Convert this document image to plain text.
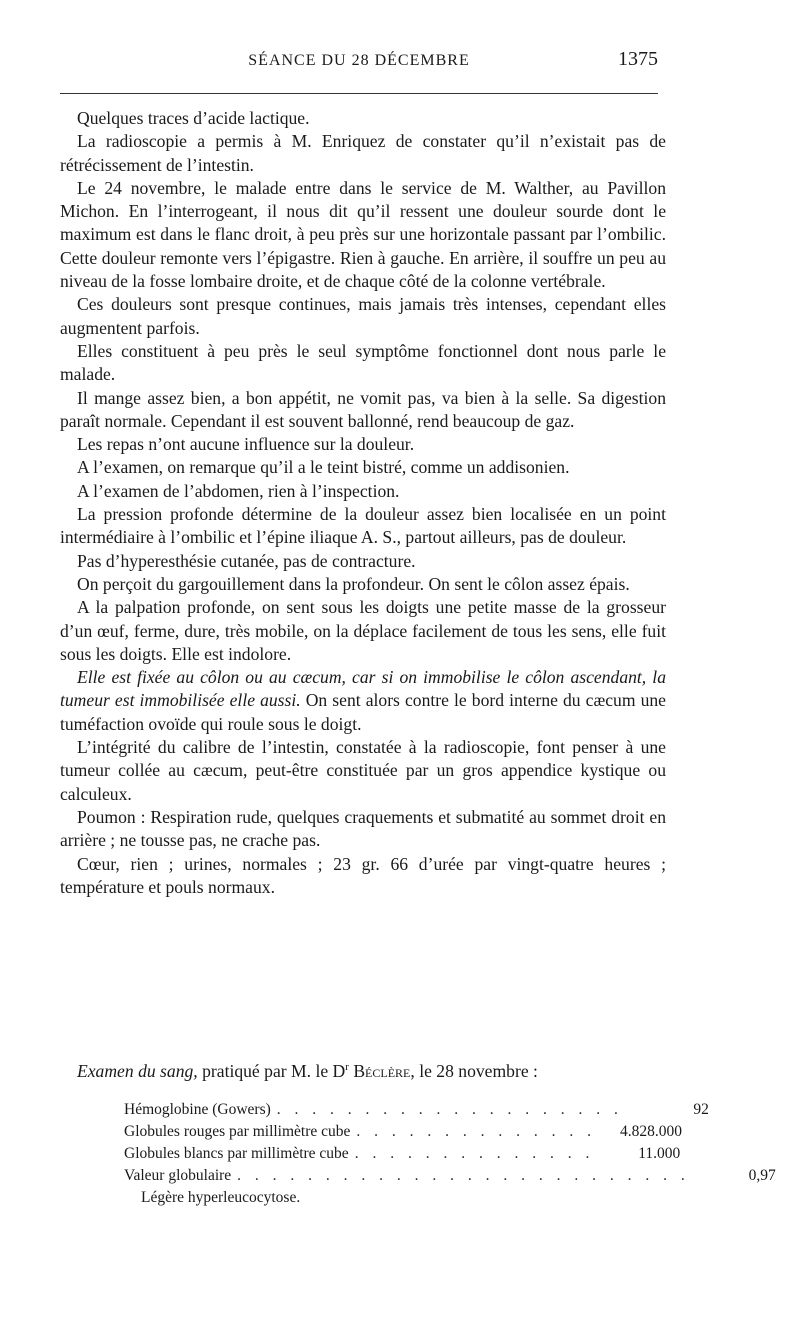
SÉANCE DU 28 DÉCEMBRE	1375

Quelques traces d’acide lactique.

La radioscopie a permis à M. Enriquez de constater qu’il n’existait pas de rétrécissement de l’intestin.

Le 24 novembre, le malade entre dans le service de M. Walther, au Pavillon Michon. En l’interrogeant, il nous dit qu’il ressent une douleur sourde dont le maximum est dans le flanc droit, à peu près sur une horizontale passant par l’ombilic. Cette douleur remonte vers l’épigastre. Rien à gauche. En arrière, il souffre un peu au niveau de la fosse lombaire droite, et de chaque côté de la colonne vertébrale.

Ces douleurs sont presque continues, mais jamais très intenses, cependant elles augmentent parfois.

Elles constituent à peu près le seul symptôme fonctionnel dont nous parle le malade.

Il mange assez bien, a bon appétit, ne vomit pas, va bien à la selle. Sa digestion paraît normale. Cependant il est souvent ballonné, rend beaucoup de gaz.

Les repas n’ont aucune influence sur la douleur.

A l’examen, on remarque qu’il a le teint bistré, comme un addisonien.

A l’examen de l’abdomen, rien à l’inspection.

La pression profonde détermine de la douleur assez bien localisée en un point intermédiaire à l’ombilic et l’épine iliaque A. S., partout ailleurs, pas de douleur.

Pas d’hyperesthésie cutanée, pas de contracture.

On perçoit du gargouillement dans la profondeur. On sent le côlon assez épais.

A la palpation profonde, on sent sous les doigts une petite masse de la grosseur d’un œuf, ferme, dure, très mobile, on la déplace facilement de tous les sens, elle fuit sous les doigts. Elle est indolore.

Elle est fixée au côlon ou au cæcum, car si on immobilise le côlon ascendant, la tumeur est immobilisée elle aussi. On sent alors contre le bord interne du cæcum une tuméfaction ovoïde qui roule sous le doigt.

L’intégrité du calibre de l’intestin, constatée à la radioscopie, font penser à une tumeur collée au cæcum, peut-être constituée par un gros appendice kystique ou calculeux.

Poumon : Respiration rude, quelques craquements et submatité au sommet droit en arrière ; ne tousse pas, ne crache pas.

Cœur, rien ; urines, normales ; 23 gr. 66 d’urée par vingt-quatre heures ; température et pouls normaux.

Examen du sang, pratiqué par M. le $D^r$ Béclère, le 28 novembre :
Hémoglobine (Gowers) . . . . . . . . . . . . . . . . . . . .	92
Globules rouges par millimètre cube . . . . . . . . . . . . . .	4.828.000
Globules blancs par millimètre cube . . . . . . . . . . . . . .	11.000
Valeur globulaire . . . . . . . . . . . . . . . . . . . . . . . . . .	0,97
Légère hyperleucocytose.
